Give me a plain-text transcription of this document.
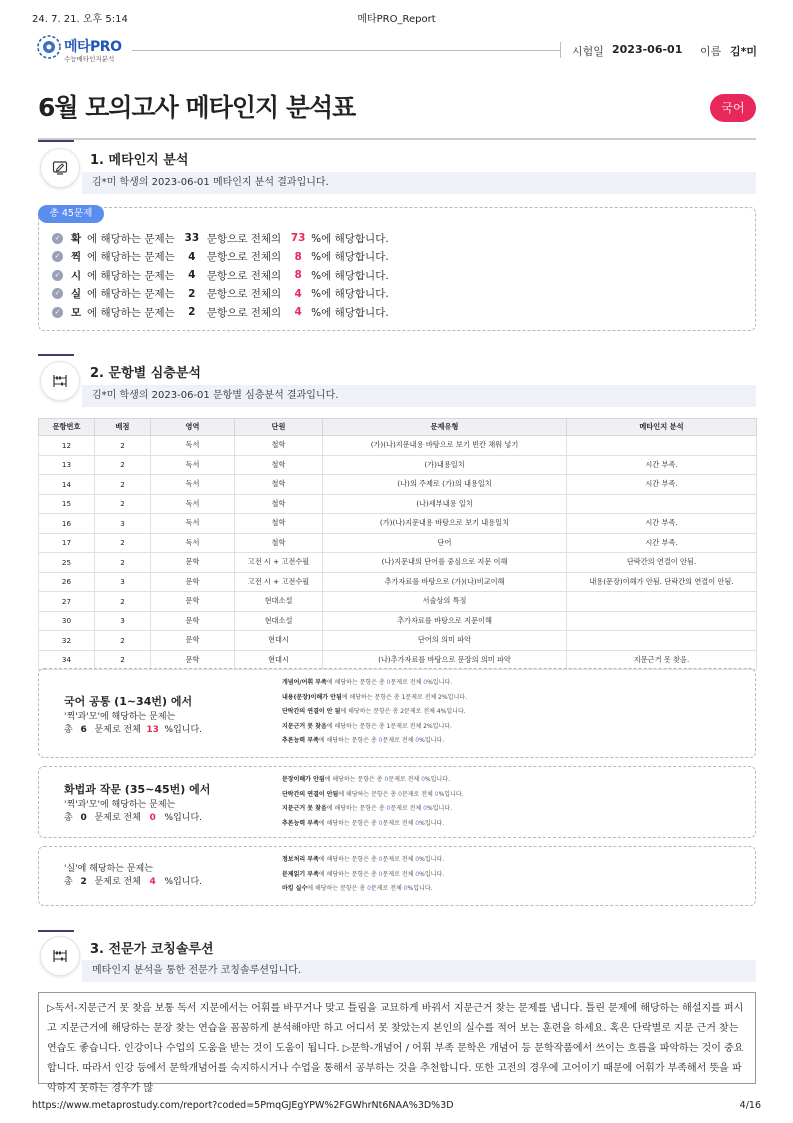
24. 7. 21. 오후 5:14	메타PRO_Report
메타PRO
수능메타인지분석
시험일 2023-06-01 이름 김*미
6월 모의고사 메타인지 분석표	국어
김*미 학생의 2023-06-01 메타인지 분석 결과입니다.
1. 메타인지 분석
총 45문제
✓ 확 에 해당하는 문제는 33 문항으로 전체의 73 %에 해당합니다.
✓ 찍 에 해당하는 문제는	4	문항으로 전체의	8 %에 해당합니다.
✓ 시 에 해당하는 문제는	4	문항으로 전체의	8 %에 해당합니다.
✓ 실 에 해당하는 문제는	2	문항으로 전체의	4 %에 해당합니다.
✓ 모 에 해당하는 문제는	2	문항으로 전체의	4 %에 해당합니다.
김*미 학생의 2023-06-01 문항별 심층분석 결과입니다.
2. 문항별 심층분석
문항번호	배점	영역	단원	문제유형	메타인지 분석
12	2	독서	철학	(가)(나)지문내용 바탕으로 보기 빈칸 채워 넣기	
13	2	독서	철학	(가)내용일치	시간 부족.
14	2	독서	철학	(나)의 주제로 (가)의 내용일치	시간 부족.
15	2	독서	철학	(나)세부내용 일치	
16	3	독서	철학	(가)(나)지문내용 바탕으로 보기 내용일치	시간 부족.
17	2	독서	철학	단어	시간 부족.
25	2	문학	고전 시 + 고전수필	(나)지문내의 단어를 중심으로 지문 이해	단락간의 연결이 안됨.
26	3	문학	고전 시 + 고전수필	추가자료를 바탕으로 (가)(나)비교이해	내용(문장)이해가 안됨. 단락간의 연결이 안됨.
27	2	문학	현대소설	서술상의 특징	
30	3	문학	현대소설	추가자료를 바탕으로 지문이해	
32	2	문학	현대시	단어의 의미 파악	
34	2	문학	현대시	(나)추가자료를 바탕으로 문장의 의미 파악	지문근거 못 찾음.
국어 공통 (1~34번) 에서
'찍'과'모'에 해당하는 문제는
총 6 문제로 전체 13 %입니다.
개념어/어휘 부족에 해당하는 문항은 총 0문제로 전체 0%입니다.
내용(문장)이해가 안됨에 해당하는 문항은 총 1문제로 전체 2%입니다.
단락간의 연결이 안 됨에 해당하는 문항은 총 2문제로 전체 4%입니다.
지문근거 못 찾음에 해당하는 문항은 총 1문제로 전체 2%입니다.
추론능력 부족에 해당하는 문항은 총 0문제로 전체 0%입니다.
화법과 작문 (35~45번) 에서
'찍'과'모'에 해당하는 문제는
총 0 문제로 전체 0 %입니다.
문장이해가 안됨에 해당하는 문항은 총 0문제로 전체 0%입니다.
단락간의 연결이 안됨에 해당하는 문항은 총 0문제로 전체 0%입니다.
지문근거 못 찾음에 해당하는 문항은 총 0문제로 전체 0%입니다.
추론능력 부족에 해당하는 문항은 총 0문제로 전체 0%입니다.
'실'에 해당하는 문제는
총 2 문제로 전체 4 %입니다.
정보처리 부족에 해당하는 문항은 총 0문제로 전체 0%입니다.
문제읽기 부족에 해당하는 문항은 총 0문제로 전체 0%입니다.
마킹 실수에 해당하는 문항은 총 0문제로 전체 0%입니다.
메타인지 분석을 통한 전문가 코칭솔루션입니다.
3. 전문가 코칭솔루션
▷독서-지문근거 못 찾음 보통 독서 지문에서는 어휘를 바꾸거나 맞고 틀림을 교묘하게 바꿔서 지문근거 찾는 문제를 냅니다. 틀린 문제에 해당하는 해설지를 펴시고 지문근거에 해당하는 문장 찾는 연습을 꼼꼼하게 분석해야만 하고 어디서 못 찾았는지 본인의 실수를 적어 보는 훈련을 하세요. 혹은 단락별로 지문 근거 찾는 연습도 좋습니다. 인강이나 수업의 도움을 받는 것이 도움이 됩니다. ▷문학-개념어 / 어휘 부족 문학은 개념어 등 문학작품에서 쓰이는 흐름을 파악하는 것이 중요합니다. 따라서 인강 등에서 문학개념어를 숙지하시거나 수업을 통해서 공부하는 것을 추천합니다. 또한 고전의 경우에 고어이기 때문에 어휘가 부족해서 뜻을 파악하지 못하는 경우가 많
https://www.metaprostudy.com/report?coded=5PmqGJEgYPW%2FGWhrNt6NAA%3D%3D	4/16
